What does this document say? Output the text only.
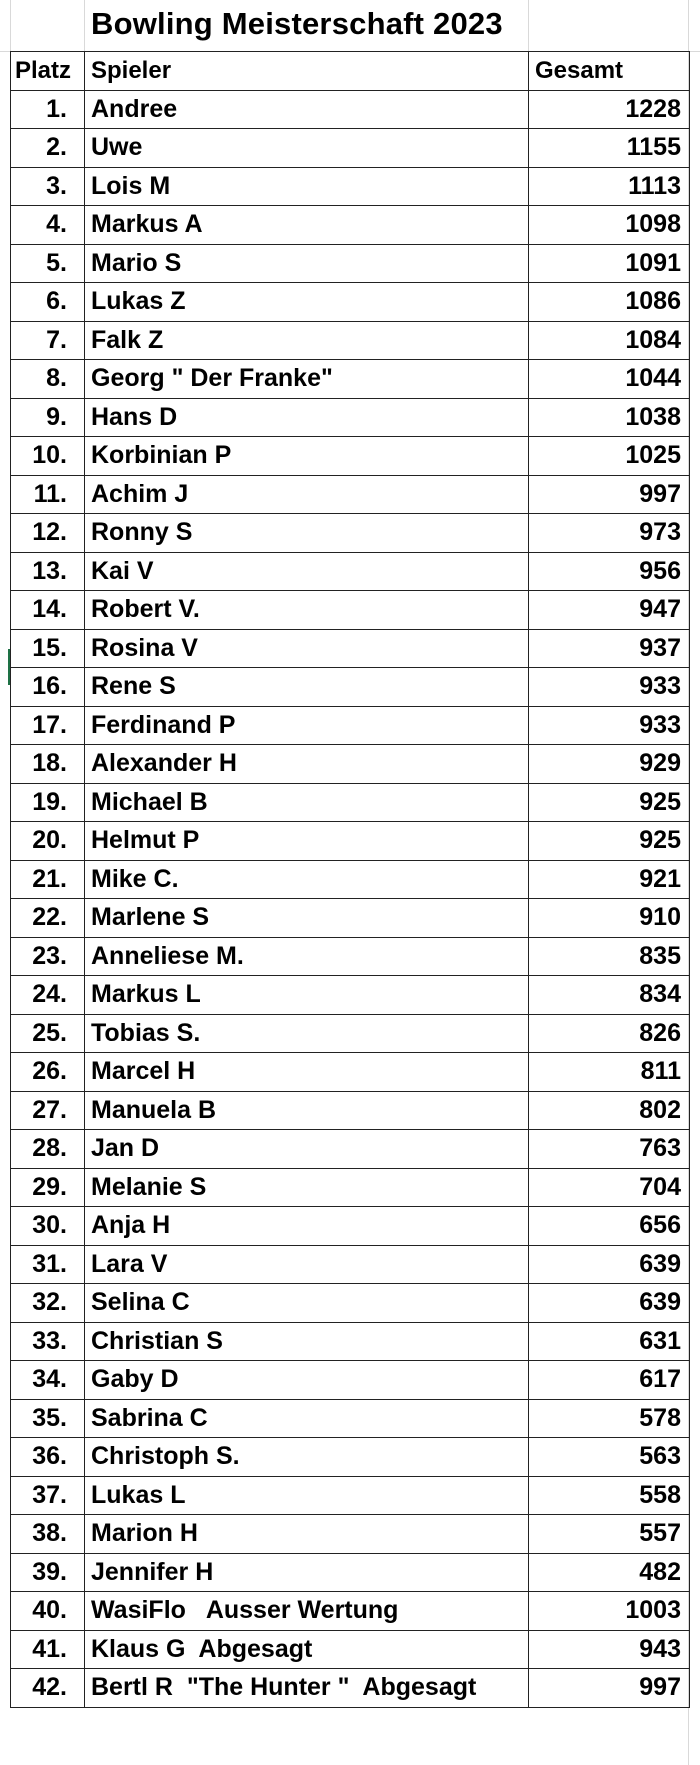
Bowling Meisterschaft 2023
Platz	Spieler	Gesamt
1.	Andree	1228
2.	Uwe	1155
3.	Lois M	1113
4.	Markus A	1098
5.	Mario S	1091
6.	Lukas Z	1086
7.	Falk Z	1084
8.	Georg " Der Franke"	1044
9.	Hans D	1038
10.	Korbinian P	1025
11.	Achim J	997
12.	Ronny S	973
13.	Kai V	956
14.	Robert V.	947
15.	Rosina V	937
16.	Rene S	933
17.	Ferdinand P	933
18.	Alexander H	929
19.	Michael B	925
20.	Helmut P	925
21.	Mike C.	921
22.	Marlene S	910
23.	Anneliese M.	835
24.	Markus L	834
25.	Tobias S.	826
26.	Marcel H	811
27.	Manuela B	802
28.	Jan D	763
29.	Melanie S	704
30.	Anja H	656
31.	Lara V	639
32.	Selina C	639
33.	Christian S	631
34.	Gaby D	617
35.	Sabrina C	578
36.	Christoph S.	563
37.	Lukas L	558
38.	Marion H	557
39.	Jennifer H	482
40.	WasiFlo   Ausser Wertung	1003
41.	Klaus G  Abgesagt	943
42.	Bertl R  "The Hunter "  Abgesagt	997
